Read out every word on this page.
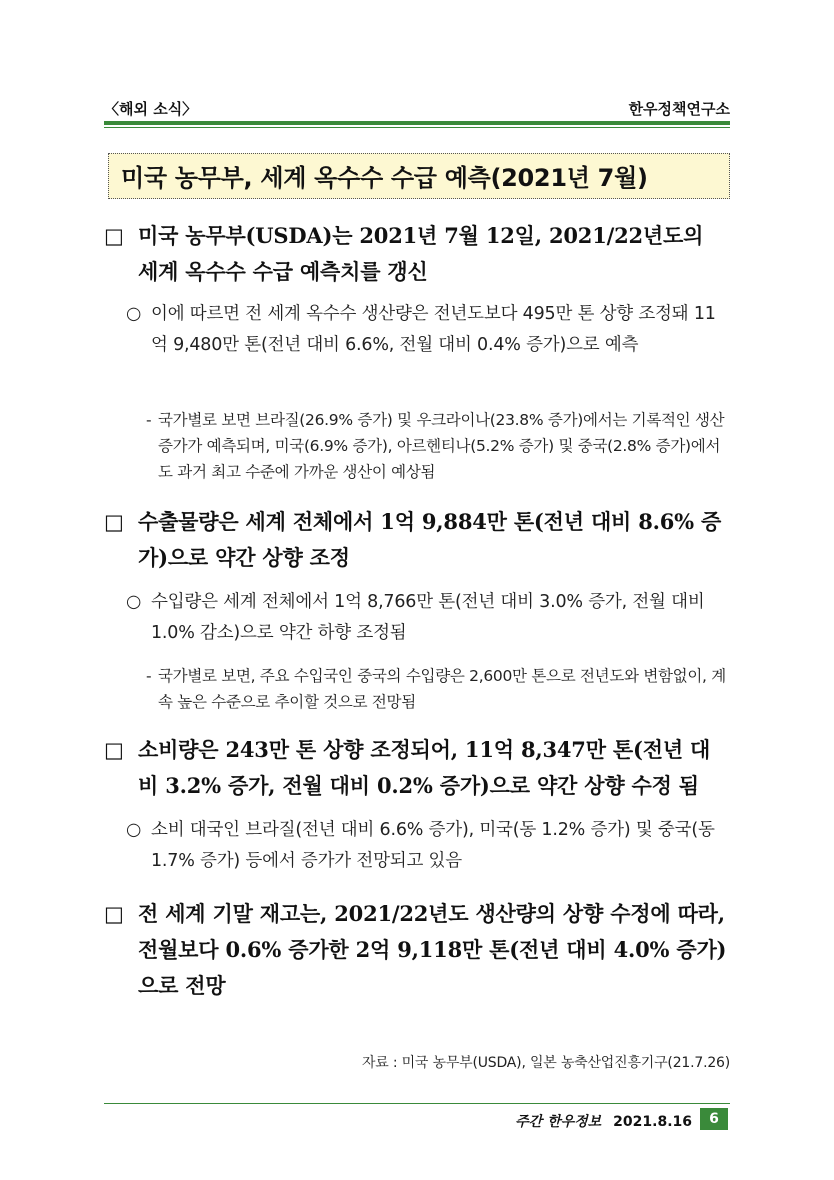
〈해외 소식〉	한우정책연구소
미국 농무부, 세계 옥수수 수급 예측(2021년 7월)
□ 미국 농무부(USDA)는 2021년 7월 12일, 2021/22년도의 세계 옥수수 수급 예측치를 갱신
○ 이에 따르면 전 세계 옥수수 생산량은 전년도보다 495만 톤 상향 조정돼 11억 9,480만 톤(전년 대비 6.6%, 전월 대비 0.4% 증가)으로 예측
- 국가별로 보면 브라질(26.9% 증가) 및 우크라이나(23.8% 증가)에서는 기록적인 생산 증가가 예측되며, 미국(6.9% 증가), 아르헨티나(5.2% 증가) 및 중국(2.8% 증가)에서도 과거 최고 수준에 가까운 생산이 예상됨
□ 수출물량은 세계 전체에서 1억 9,884만 톤(전년 대비 8.6% 증가)으로 약간 상향 조정
○ 수입량은 세계 전체에서 1억 8,766만 톤(전년 대비 3.0% 증가, 전월 대비 1.0% 감소)으로 약간 하향 조정됨
- 국가별로 보면, 주요 수입국인 중국의 수입량은 2,600만 톤으로 전년도와 변함없이, 계속 높은 수준으로 추이할 것으로 전망됨
□ 소비량은 243만 톤 상향 조정되어, 11억 8,347만 톤(전년 대비 3.2% 증가, 전월 대비 0.2% 증가)으로 약간 상향 수정 됨
○ 소비 대국인 브라질(전년 대비 6.6% 증가), 미국(동 1.2% 증가) 및 중국(동 1.7% 증가) 등에서 증가가 전망되고 있음
□ 전 세계 기말 재고는, 2021/22년도 생산량의 상향 수정에 따라, 전월보다 0.6% 증가한 2억 9,118만 톤(전년 대비 4.0% 증가)으로 전망
자료 : 미국 농무부(USDA), 일본 농축산업진흥기구(21.7.26)
주간 한우정보 2021.8.16	6
